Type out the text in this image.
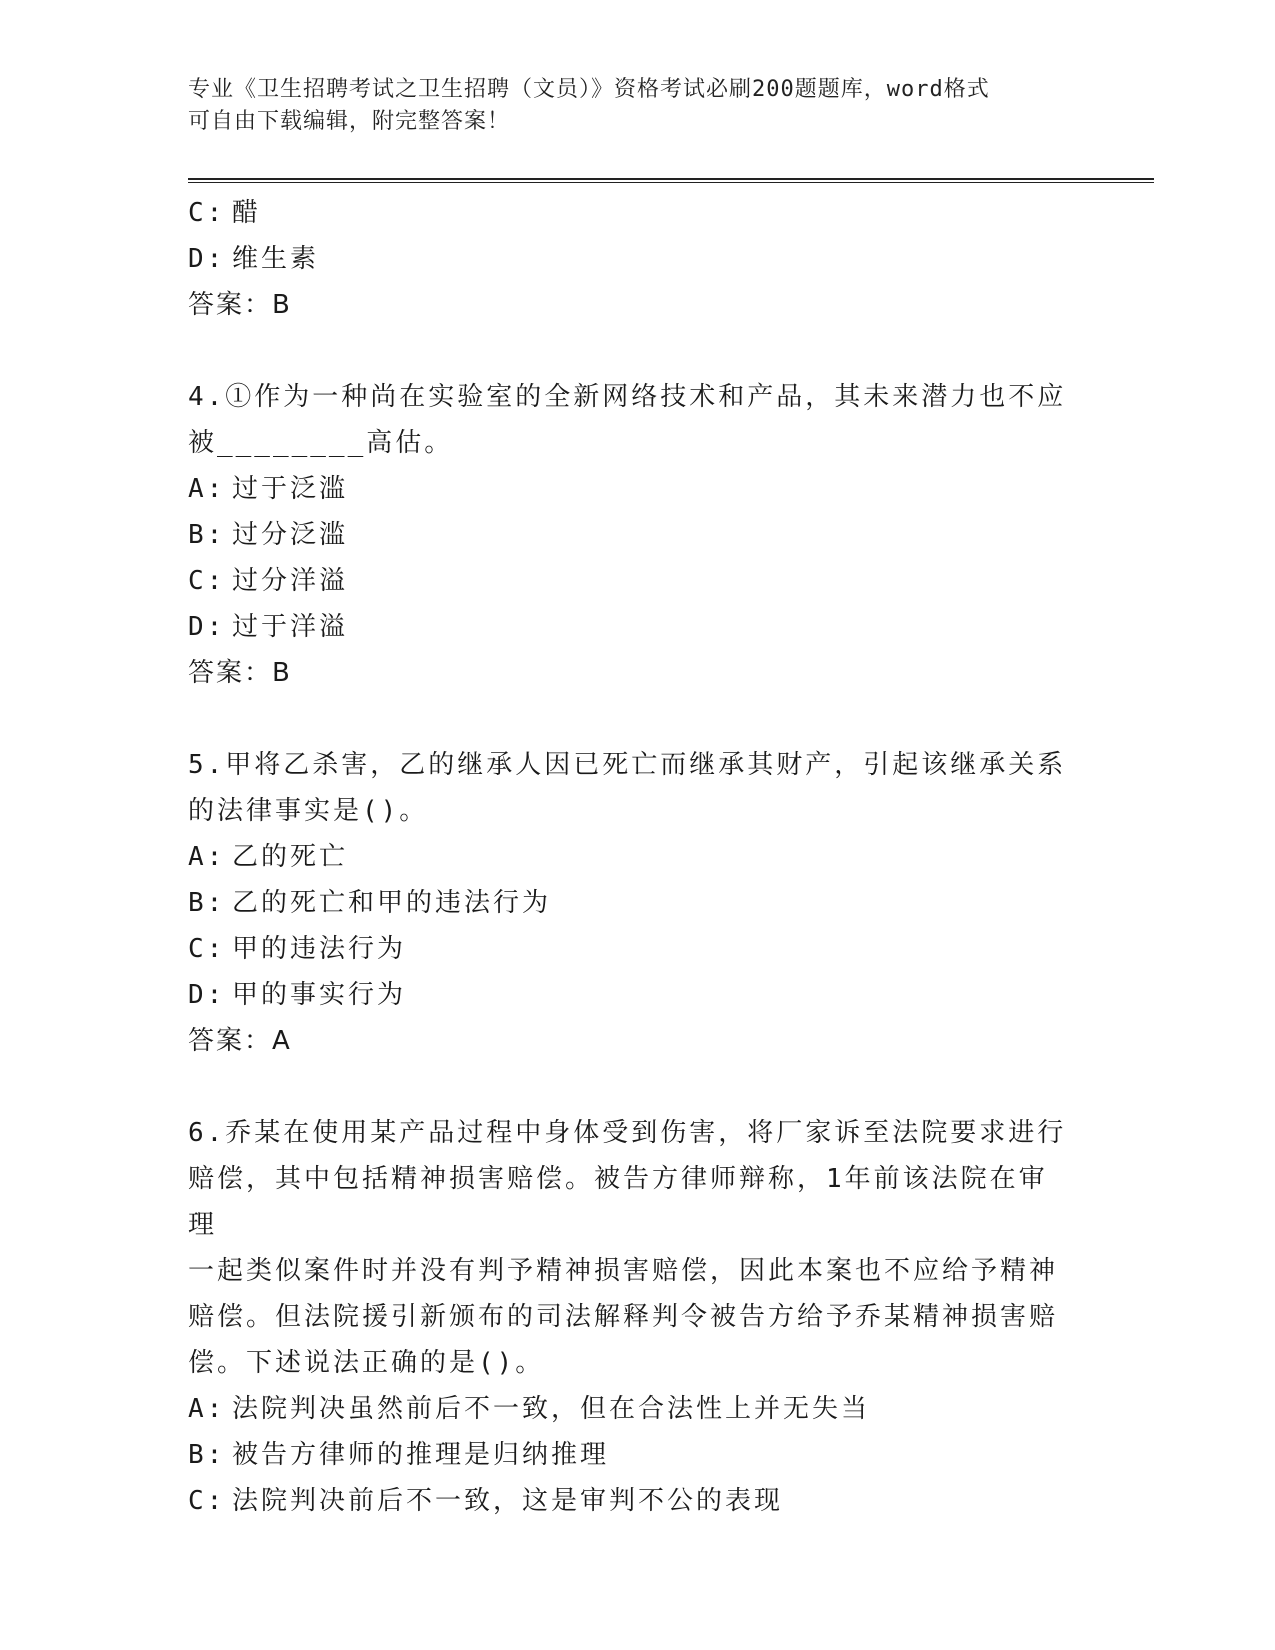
专业《卫生招聘考试之卫生招聘（文员）》资格考试必刷200题题库，word格式
可自由下载编辑，附完整答案！
C: 醋
D: 维生素
答案：B
4.①作为一种尚在实验室的全新网络技术和产品，其未来潜力也不应
被________高估。
A: 过于泛滥
B: 过分泛滥
C: 过分洋溢
D: 过于洋溢
答案：B
5.甲将乙杀害，乙的继承人因已死亡而继承其财产，引起该继承关系
的法律事实是()。
A: 乙的死亡
B: 乙的死亡和甲的违法行为
C: 甲的违法行为
D: 甲的事实行为
答案：A
6.乔某在使用某产品过程中身体受到伤害，将厂家诉至法院要求进行
赔偿，其中包括精神损害赔偿。被告方律师辩称，1年前该法院在审理
一起类似案件时并没有判予精神损害赔偿，因此本案也不应给予精神
赔偿。但法院援引新颁布的司法解释判令被告方给予乔某精神损害赔
偿。下述说法正确的是()。
A: 法院判决虽然前后不一致，但在合法性上并无失当
B: 被告方律师的推理是归纳推理
C: 法院判决前后不一致，这是审判不公的表现
